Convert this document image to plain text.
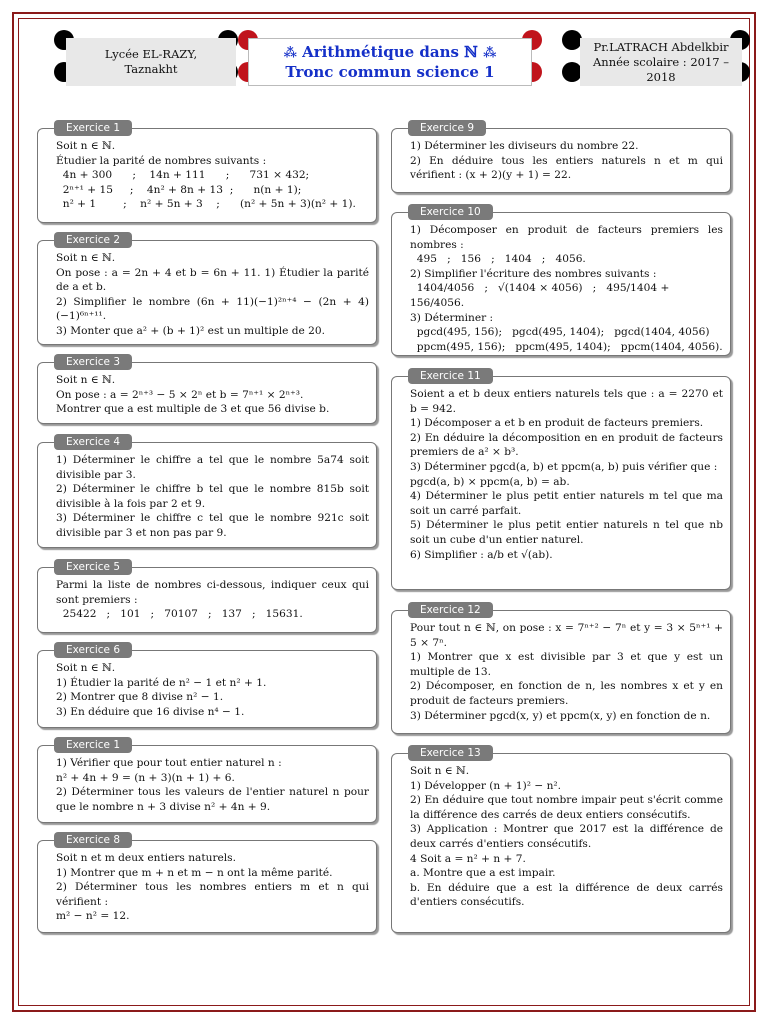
Lycée EL-RAZY,
Taznakht
⁂ Arithmétique dans ℕ ⁂
Tronc commun science 1
Pr.LATRACH Abdelkbir
Année scolaire : 2017 – 2018
Exercice 1
Soit n ∈ ℕ.
Étudier la parité de nombres suivants :
4n + 300      ;    14n + 111      ;      731 × 432;
2ⁿ⁺¹ + 15     ;    4n² + 8n + 13  ;      n(n + 1);
n² + 1        ;    n² + 5n + 3    ;      (n² + 5n + 3)(n² + 1).
Exercice 2
Soit n ∈ ℕ.
On pose : a = 2n + 4 et b = 6n + 11. 1) Étudier la parité de a et b.
2) Simplifier le nombre (6n + 11)(−1)²ⁿ⁺⁴ − (2n + 4)(−1)⁶ⁿ⁺¹¹.
3) Monter que a² + (b + 1)² est un multiple de 20.
Exercice 3
Soit n ∈ ℕ.
On pose : a = 2ⁿ⁺³ − 5 × 2ⁿ et b = 7ⁿ⁺¹ × 2ⁿ⁺³.
Montrer que a est multiple de 3 et que 56 divise b.
Exercice 4
1) Déterminer le chiffre a tel que le nombre 5a74 soit divisible par 3.
2) Déterminer le chiffre b tel que le nombre 815b soit divisible à la fois par 2 et 9.
3) Déterminer le chiffre c tel que le nombre 921c soit divisible par 3 et non pas par 9.
Exercice 5
Parmi la liste de nombres ci-dessous, indiquer ceux qui sont premiers :
25422   ;   101   ;   70107   ;   137   ;   15631.
Exercice 6
Soit n ∈ ℕ.
1) Étudier la parité de n² − 1 et n² + 1.
2) Montrer que 8 divise n² − 1.
3) En déduire que 16 divise n⁴ − 1.
Exercice 1
1) Vérifier que pour tout entier naturel n :
n² + 4n + 9 = (n + 3)(n + 1) + 6.
2) Déterminer tous les valeurs de l'entier naturel n pour que le nombre n + 3 divise n² + 4n + 9.
Exercice 8
Soit n et m deux entiers naturels.
1) Montrer que m + n et m − n ont la même parité.
2) Déterminer tous les nombres entiers m et n qui vérifient :
m² − n² = 12.
Exercice 9
1) Déterminer les diviseurs du nombre 22.
2) En déduire tous les entiers naturels n et m qui vérifient : (x + 2)(y + 1) = 22.
Exercice 10
1) Décomposer en produit de facteurs premiers les nombres :
495   ;   156   ;   1404   ;   4056.
2) Simplifier l'écriture des nombres suivants :
1404/4056   ;   √(1404 × 4056)   ;   495/1404 + 156/4056.
3) Déterminer :
pgcd(495, 156);   pgcd(495, 1404);   pgcd(1404, 4056)
ppcm(495, 156);   ppcm(495, 1404);   ppcm(1404, 4056).
Exercice 11
Soient a et b deux entiers naturels tels que : a = 2270 et b = 942.
1) Décomposer a et b en produit de facteurs premiers.
2) En déduire la décomposition en en produit de facteurs premiers de a² × b³.
3) Déterminer pgcd(a, b) et ppcm(a, b) puis vérifier que :
pgcd(a, b) × ppcm(a, b) = ab.
4) Déterminer le plus petit entier naturels m tel que ma soit un carré parfait.
5) Déterminer le plus petit entier naturels n tel que nb soit un cube d'un entier naturel.
6) Simplifier : a/b et √(ab).
Exercice 12
Pour tout n ∈ ℕ, on pose : x = 7ⁿ⁺² − 7ⁿ et y = 3 × 5ⁿ⁺¹ + 5 × 7ⁿ.
1) Montrer que x est divisible par 3 et que y est un multiple de 13.
2) Décomposer, en fonction de n, les nombres x et y en produit de facteurs premiers.
3) Déterminer pgcd(x, y) et ppcm(x, y) en fonction de n.
Exercice 13
Soit n ∈ ℕ.
1) Développer (n + 1)² − n².
2) En déduire que tout nombre impair peut s'écrit comme la différence des carrés de deux entiers consécutifs.
3) Application : Montrer que 2017 est la différence de deux carrés d'entiers consécutifs.
4 Soit a = n² + n + 7.
a. Montre que a est impair.
b. En déduire que a est la différence de deux carrés d'entiers consécutifs.
